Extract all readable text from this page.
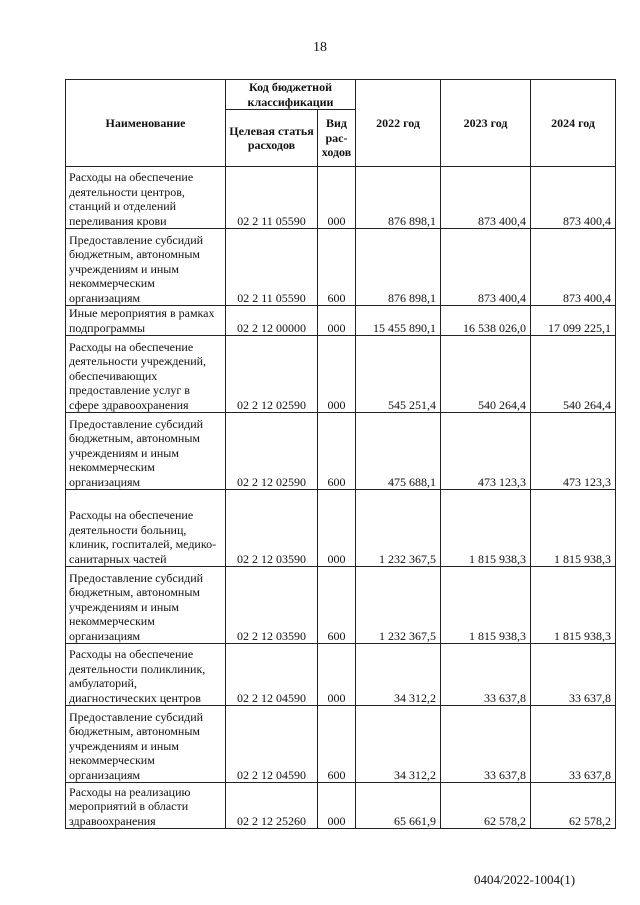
18
Наименование	Код бюджетной классификации		2022 год	2023 год	2024 год
	Целевая статья расходов	Вид рас-ходов			
Расходы на обеспечение деятельности центров, станций и отделений переливания крови	02 2 11 05590	000	876 898,1	873 400,4	873 400,4
Предоставление субсидий бюджетным, автономным учреждениям и иным некоммерческим организациям	02 2 11 05590	600	876 898,1	873 400,4	873 400,4
Иные мероприятия в рамках подпрограммы	02 2 12 00000	000	15 455 890,1	16 538 026,0	17 099 225,1
Расходы на обеспечение деятельности учреждений, обеспечивающих предоставление услуг в сфере здравоохранения	02 2 12 02590	000	545 251,4	540 264,4	540 264,4
Предоставление субсидий бюджетным, автономным учреждениям и иным некоммерческим организациям	02 2 12 02590	600	475 688,1	473 123,3	473 123,3
Расходы на обеспечение деятельности больниц, клиник, госпиталей, медико-санитарных частей	02 2 12 03590	000	1 232 367,5	1 815 938,3	1 815 938,3
Предоставление субсидий бюджетным, автономным учреждениям и иным некоммерческим организациям	02 2 12 03590	600	1 232 367,5	1 815 938,3	1 815 938,3
Расходы на обеспечение деятельности поликлиник, амбулаторий, диагностических центров	02 2 12 04590	000	34 312,2	33 637,8	33 637,8
Предоставление субсидий бюджетным, автономным учреждениям и иным некоммерческим организациям	02 2 12 04590	600	34 312,2	33 637,8	33 637,8
Расходы на реализацию мероприятий в области здравоохранения	02 2 12 25260	000	65 661,9	62 578,2	62 578,2
0404/2022-1004(1)
